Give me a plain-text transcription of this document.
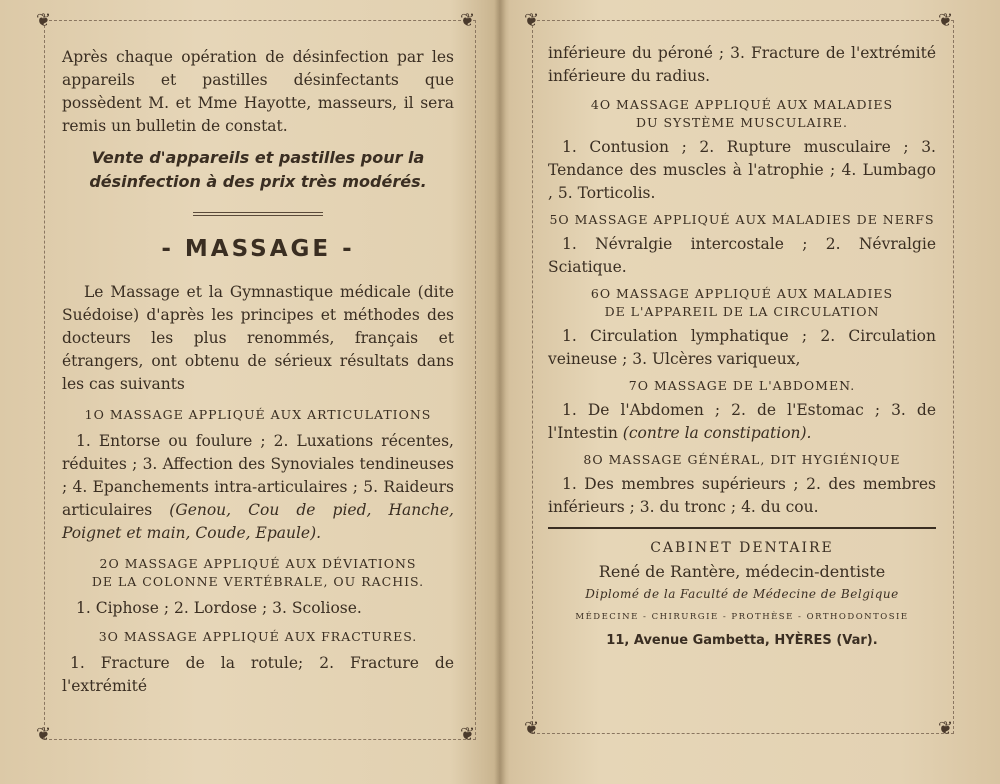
❦	❦
❦	❦

Après chaque opération de désinfection par les appareils et pastilles désinfectants que possèdent M. et Mme Hayotte, masseurs, il sera remis un bulletin de constat.

Vente d'appareils et pastilles pour la désinfection à des prix très modérés.
- MASSAGE -

Le Massage et la Gymnastique médicale (dite Suédoise) d'après les principes et méthodes des docteurs les plus renommés, français et étrangers, ont obtenu de sérieux résultats dans les cas suivants

1O MASSAGE APPLIQUÉ AUX ARTICULATIONS

1. Entorse ou foulure ; 2. Luxations récentes, réduites ; 3. Affection des Synoviales tendineuses ; 4. Epanchements intra-articulaires ; 5. Raideurs articulaires (Genou, Cou de pied, Hanche, Poignet et main, Coude, Epaule).

2O MASSAGE APPLIQUÉ AUX DÉVIATIONS
DE LA COLONNE VERTÉBRALE, OU RACHIS.

1. Ciphose ; 2. Lordose ; 3. Scoliose.

3O MASSAGE APPLIQUÉ AUX FRACTURES.

1. Fracture de la rotule; 2. Fracture de l'extrémité

❦	❦
❦	❦

inférieure du péroné ; 3. Fracture de l'extrémité inférieure du radius.

4O MASSAGE APPLIQUÉ AUX MALADIES
DU SYSTÈME MUSCULAIRE.

1. Contusion ; 2. Rupture musculaire ; 3. Tendance des muscles à l'atrophie ; 4. Lumbago , 5. Torticolis.

5O MASSAGE APPLIQUÉ AUX MALADIES DE NERFS

1. Névralgie intercostale ; 2. Névralgie Sciatique.

6O MASSAGE APPLIQUÉ AUX MALADIES
DE L'APPAREIL DE LA CIRCULATION

1. Circulation lymphatique ; 2. Circulation veineuse ; 3. Ulcères variqueux,

7O MASSAGE DE L'ABDOMEN.

1. De l'Abdomen ; 2. de l'Estomac ; 3. de l'Intestin (contre la constipation).

8O MASSAGE GÉNÉRAL, DIT HYGIÉNIQUE

1. Des membres supérieurs ; 2. des membres inférieurs ; 3. du tronc ; 4. du cou.

CABINET DENTAIRE
René de Rantère, médecin-dentiste
Diplomé de la Faculté de Médecine de Belgique
MÉDECINE - CHIRURGIE - PROTHÈSE - ORTHODONTOSIE
11, Avenue Gambetta, HYÈRES (Var).
